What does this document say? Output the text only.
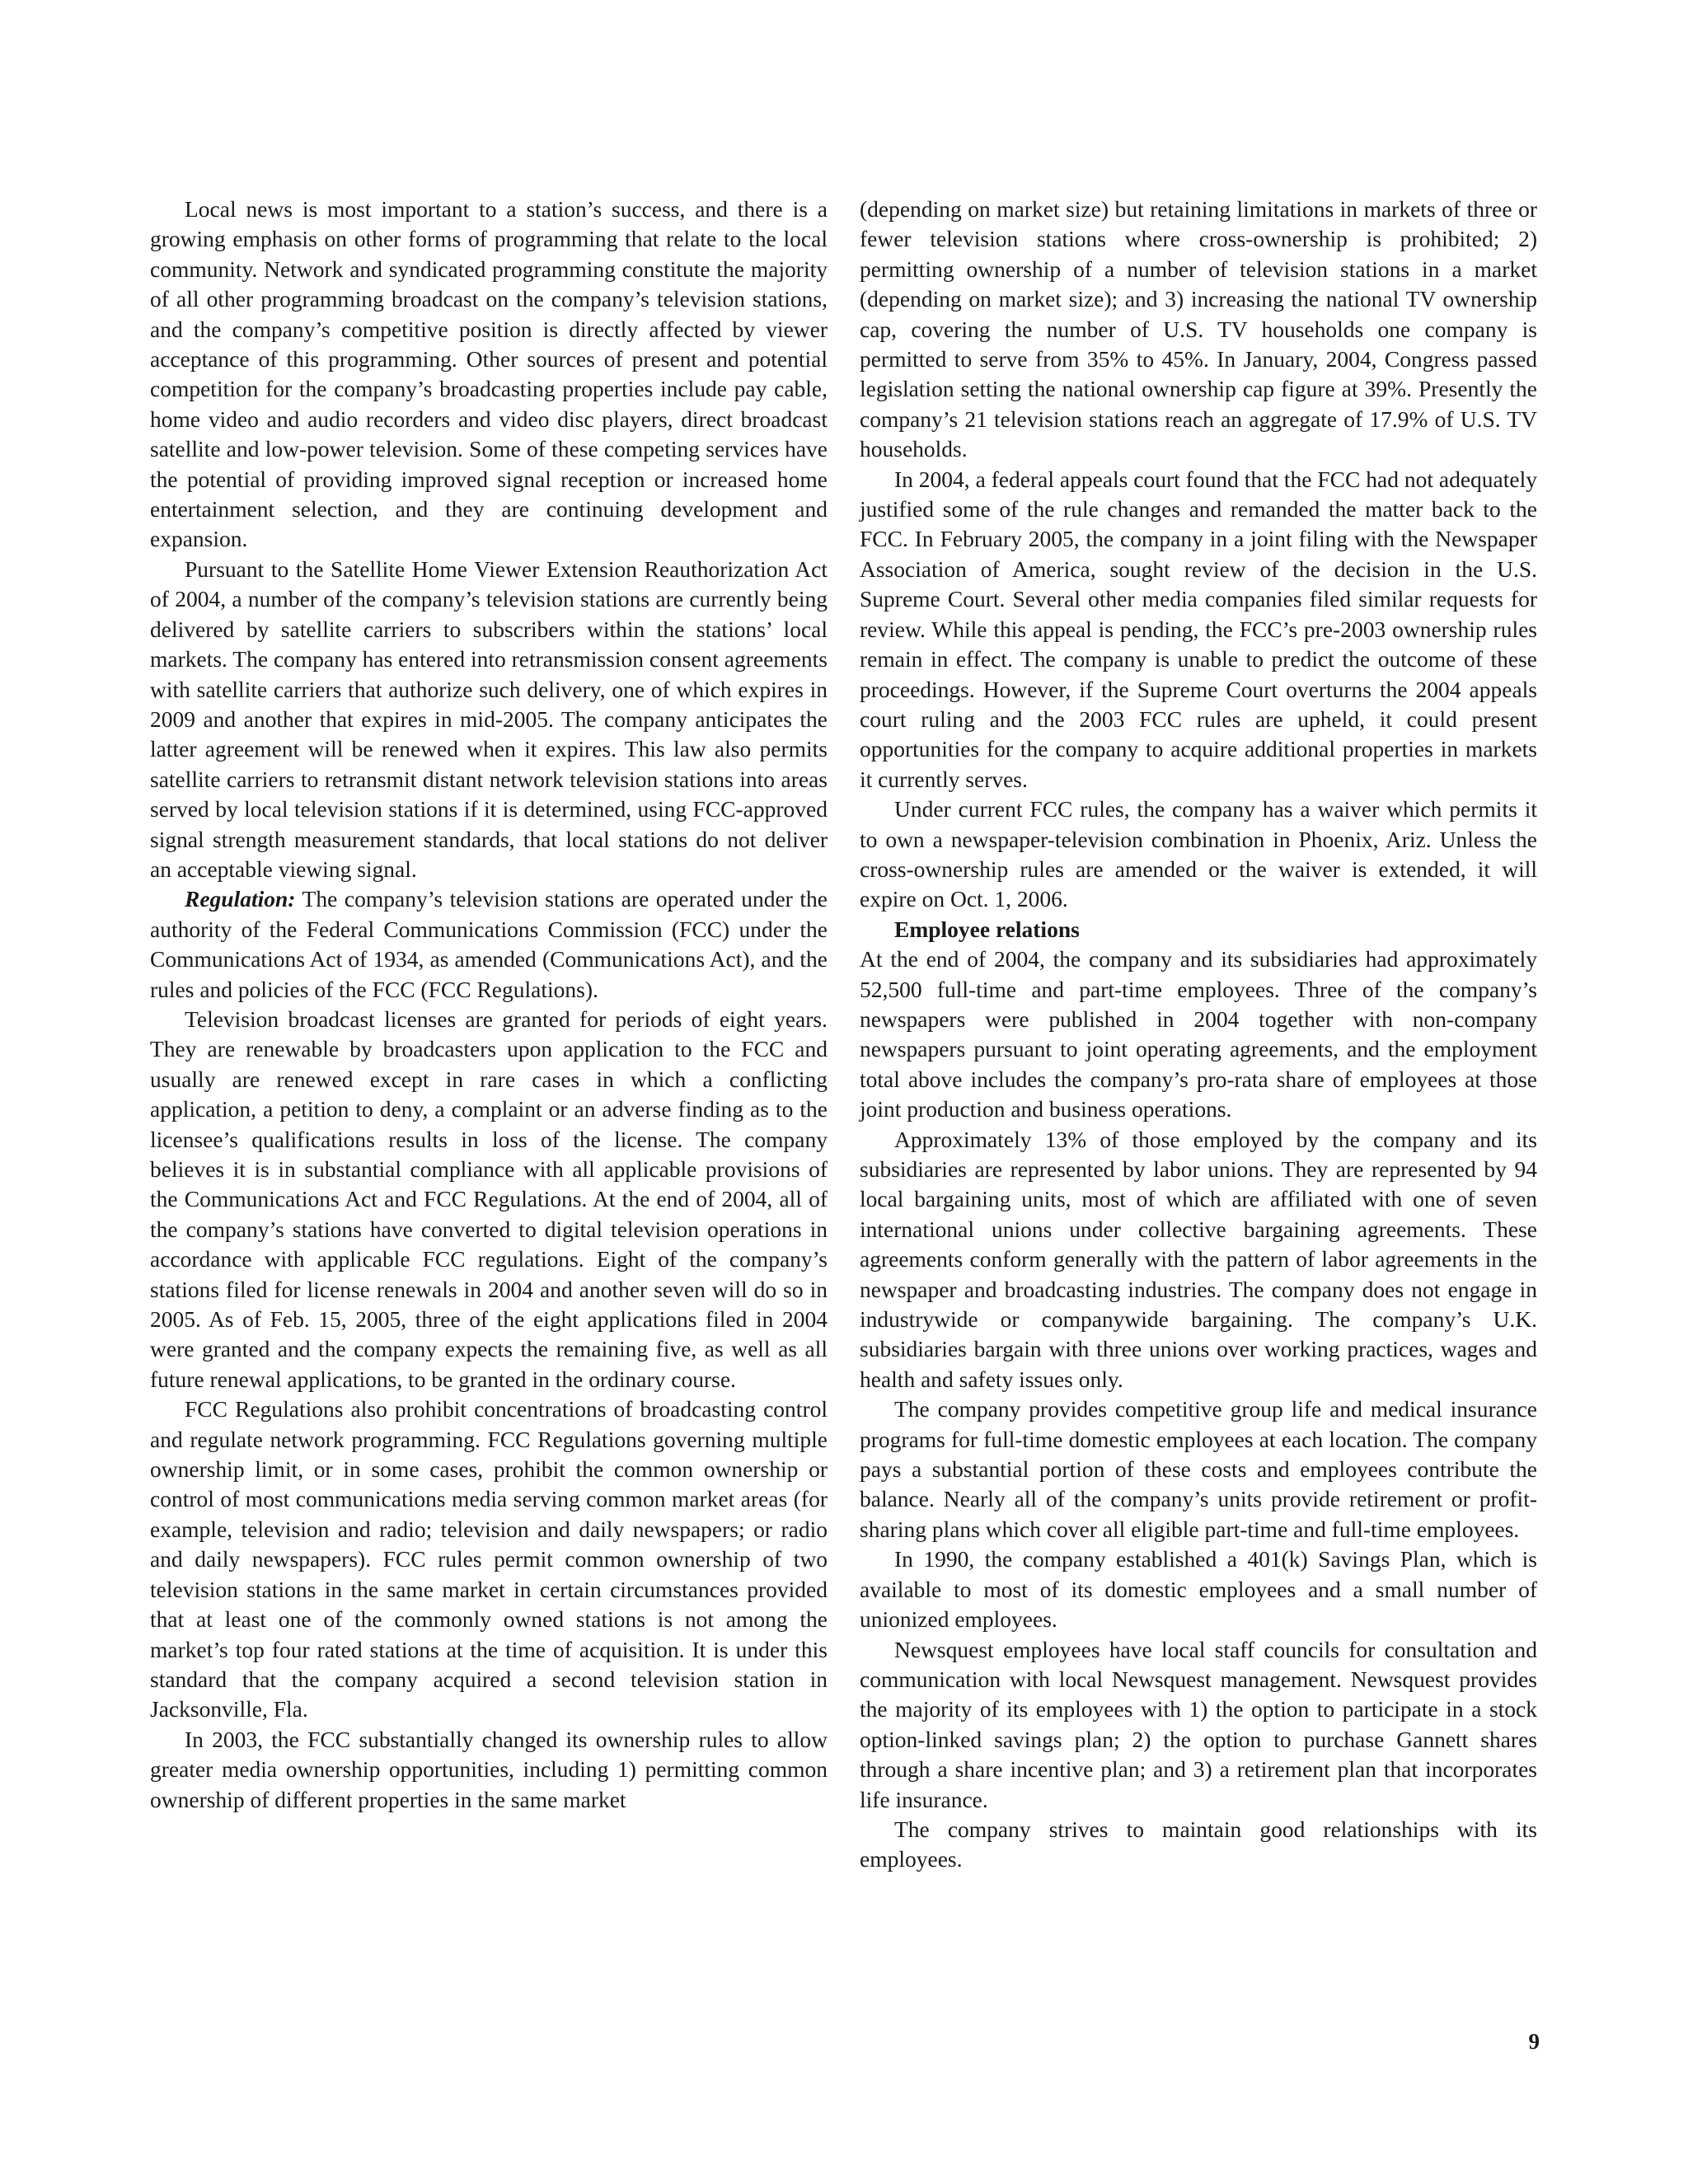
Local news is most important to a station’s success, and there is a growing emphasis on other forms of programming that relate to the local community. Network and syndicated programming constitute the majority of all other programming broadcast on the company’s television stations, and the company’s competitive position is directly affected by viewer acceptance of this programming. Other sources of present and potential competition for the company’s broadcasting properties include pay cable, home video and audio recorders and video disc players, direct broadcast satellite and low-power television. Some of these competing services have the potential of providing improved signal reception or increased home entertainment selection, and they are continuing development and expansion.

Pursuant to the Satellite Home Viewer Extension Reauthorization Act of 2004, a number of the company’s television stations are currently being delivered by satellite carriers to subscribers within the stations’ local markets. The company has entered into retransmission consent agreements with satellite carriers that authorize such delivery, one of which expires in 2009 and another that expires in mid-2005. The company anticipates the latter agreement will be renewed when it expires. This law also permits satellite carriers to retransmit distant network television stations into areas served by local television stations if it is determined, using FCC-approved signal strength measurement standards, that local stations do not deliver an acceptable viewing signal.

Regulation: The company’s television stations are operated under the authority of the Federal Communications Commission (FCC) under the Communications Act of 1934, as amended (Communications Act), and the rules and policies of the FCC (FCC Regulations).

Television broadcast licenses are granted for periods of eight years. They are renewable by broadcasters upon application to the FCC and usually are renewed except in rare cases in which a conflicting application, a petition to deny, a complaint or an adverse finding as to the licensee’s qualifications results in loss of the license. The company believes it is in substantial compliance with all applicable provisions of the Communications Act and FCC Regulations. At the end of 2004, all of the company’s stations have converted to digital television operations in accordance with applicable FCC regulations. Eight of the company’s stations filed for license renewals in 2004 and another seven will do so in 2005. As of Feb. 15, 2005, three of the eight applications filed in 2004 were granted and the company expects the remaining five, as well as all future renewal applications, to be granted in the ordinary course.

FCC Regulations also prohibit concentrations of broadcasting control and regulate network programming. FCC Regulations governing multiple ownership limit, or in some cases, prohibit the common ownership or control of most communications media serving common market areas (for example, television and radio; television and daily newspapers; or radio and daily newspapers). FCC rules permit common ownership of two television stations in the same market in certain circumstances provided that at least one of the commonly owned stations is not among the market’s top four rated stations at the time of acquisition. It is under this standard that the company acquired a second television station in Jacksonville, Fla.

In 2003, the FCC substantially changed its ownership rules to allow greater media ownership opportunities, including 1) permitting common ownership of different properties in the same market

(depending on market size) but retaining limitations in markets of three or fewer television stations where cross-ownership is prohibited; 2) permitting ownership of a number of television stations in a market (depending on market size); and 3) increasing the national TV ownership cap, covering the number of U.S. TV households one company is permitted to serve from 35% to 45%. In January, 2004, Congress passed legislation setting the national ownership cap figure at 39%. Presently the company’s 21 television stations reach an aggregate of 17.9% of U.S. TV households.

In 2004, a federal appeals court found that the FCC had not adequately justified some of the rule changes and remanded the matter back to the FCC. In February 2005, the company in a joint filing with the Newspaper Association of America, sought review of the decision in the U.S. Supreme Court. Several other media companies filed similar requests for review. While this appeal is pending, the FCC’s pre-2003 ownership rules remain in effect. The company is unable to predict the outcome of these proceedings. However, if the Supreme Court overturns the 2004 appeals court ruling and the 2003 FCC rules are upheld, it could present opportunities for the company to acquire additional properties in markets it currently serves.

Under current FCC rules, the company has a waiver which permits it to own a newspaper-television combination in Phoenix, Ariz. Unless the cross-ownership rules are amended or the waiver is extended, it will expire on Oct. 1, 2006.

Employee relations

At the end of 2004, the company and its subsidiaries had approximately 52,500 full-time and part-time employees. Three of the company’s newspapers were published in 2004 together with non-company newspapers pursuant to joint operating agreements, and the employment total above includes the company’s pro-rata share of employees at those joint production and business operations.

Approximately 13% of those employed by the company and its subsidiaries are represented by labor unions. They are represented by 94 local bargaining units, most of which are affiliated with one of seven international unions under collective bargaining agreements. These agreements conform generally with the pattern of labor agreements in the newspaper and broadcasting industries. The company does not engage in industrywide or companywide bargaining. The company’s U.K. subsidiaries bargain with three unions over working practices, wages and health and safety issues only.

The company provides competitive group life and medical insurance programs for full-time domestic employees at each location. The company pays a substantial portion of these costs and employees contribute the balance. Nearly all of the company’s units provide retirement or profit-sharing plans which cover all eligible part-time and full-time employees.

In 1990, the company established a 401(k) Savings Plan, which is available to most of its domestic employees and a small number of unionized employees.

Newsquest employees have local staff councils for consultation and communication with local Newsquest management. Newsquest provides the majority of its employees with 1) the option to participate in a stock option-linked savings plan; 2) the option to purchase Gannett shares through a share incentive plan; and 3) a retirement plan that incorporates life insurance.

The company strives to maintain good relationships with its employees.

9
